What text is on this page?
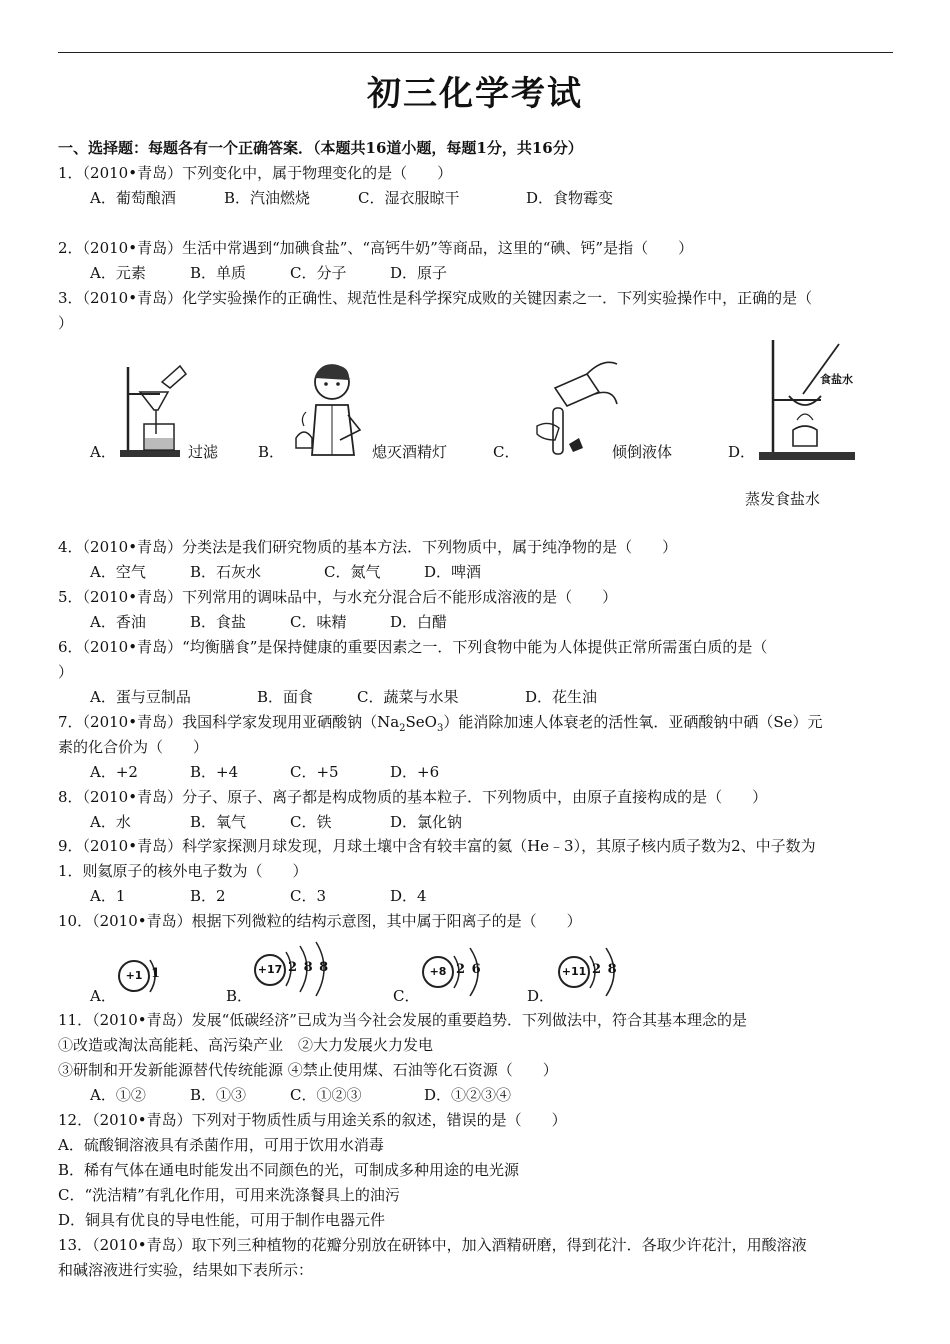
初三化学考试
一、选择题：每题各有一个正确答案．（本题共16道小题，每题1分，共16分）
1．（2010•青岛）下列变化中，属于物理变化的是（　　）
A．葡萄酿酒	B．汽油燃烧	C．湿衣服晾干	D．食物霉变
2．（2010•青岛）生活中常遇到“加碘食盐”、“高钙牛奶”等商品，这里的“碘、钙”是指（　　）
A．元素	B．单质	C．分子	D．原子
3．（2010•青岛）化学实验操作的正确性、规范性是科学探究成败的关键因素之一．下列实验操作中，正确的是（
）
A．	过滤	B．	熄灭酒精灯	C．	倾倒液体
食盐水
D．
蒸发食盐水
4．（2010•青岛）分类法是我们研究物质的基本方法．下列物质中，属于纯净物的是（　　）
A．空气	B．石灰水	C．氮气	D．啤酒
5．（2010•青岛）下列常用的调味品中，与水充分混合后不能形成溶液的是（　　）
A．香油	B．食盐	C．味精	D．白醋
6．（2010•青岛）“均衡膳食”是保持健康的重要因素之一．下列食物中能为人体提供正常所需蛋白质的是（
）
A．蛋与豆制品	B．面食	C．蔬菜与水果	D．花生油
7．（2010•青岛）我国科学家发现用亚硒酸钠$(Na_2SeO_3)$能消除加速人体衰老的活性氧．亚硒酸钠中硒（Se）元
素的化合价为（　　）
A．+2	B．+4	C．+5	D．+6
8．（2010•青岛）分子、原子、离子都是构成物质的基本粒子．下列物质中，由原子直接构成的是（　　）
A．水	B．氧气	C．铁	D．氯化钠
9．（2010•青岛）科学家探测月球发现，月球土壤中含有较丰富的氦（He﹣3），其原子核内质子数为2、中子数为
1．则氦原子的核外电子数为（　　）
A．1	B．2	C．3	D．4
10．（2010•青岛）根据下列微粒的结构示意图，其中属于阳离子的是（　　）
A．	B．	C．	D．
+1 1	+17 2 8 8	+8 2 6	+11 2 8
11．（2010•青岛）发展“低碳经济”已成为当今社会发展的重要趋势．下列做法中，符合其基本理念的是
①改造或淘汰高能耗、高污染产业　②大力发展火力发电
③研制和开发新能源替代传统能源 ④禁止使用煤、石油等化石资源（　　）
A．①②	B．①③	C．①②③	D．①②③④
12．（2010•青岛）下列对于物质性质与用途关系的叙述，错误的是（　　）
A．硫酸铜溶液具有杀菌作用，可用于饮用水消毒
B．稀有气体在通电时能发出不同颜色的光，可制成多种用途的电光源
C．“洗洁精”有乳化作用，可用来洗涤餐具上的油污
D．铜具有优良的导电性能，可用于制作电器元件
13．（2010•青岛）取下列三种植物的花瓣分别放在研钵中，加入酒精研磨，得到花汁．各取少许花汁，用酸溶液
和碱溶液进行实验，结果如下表所示：
